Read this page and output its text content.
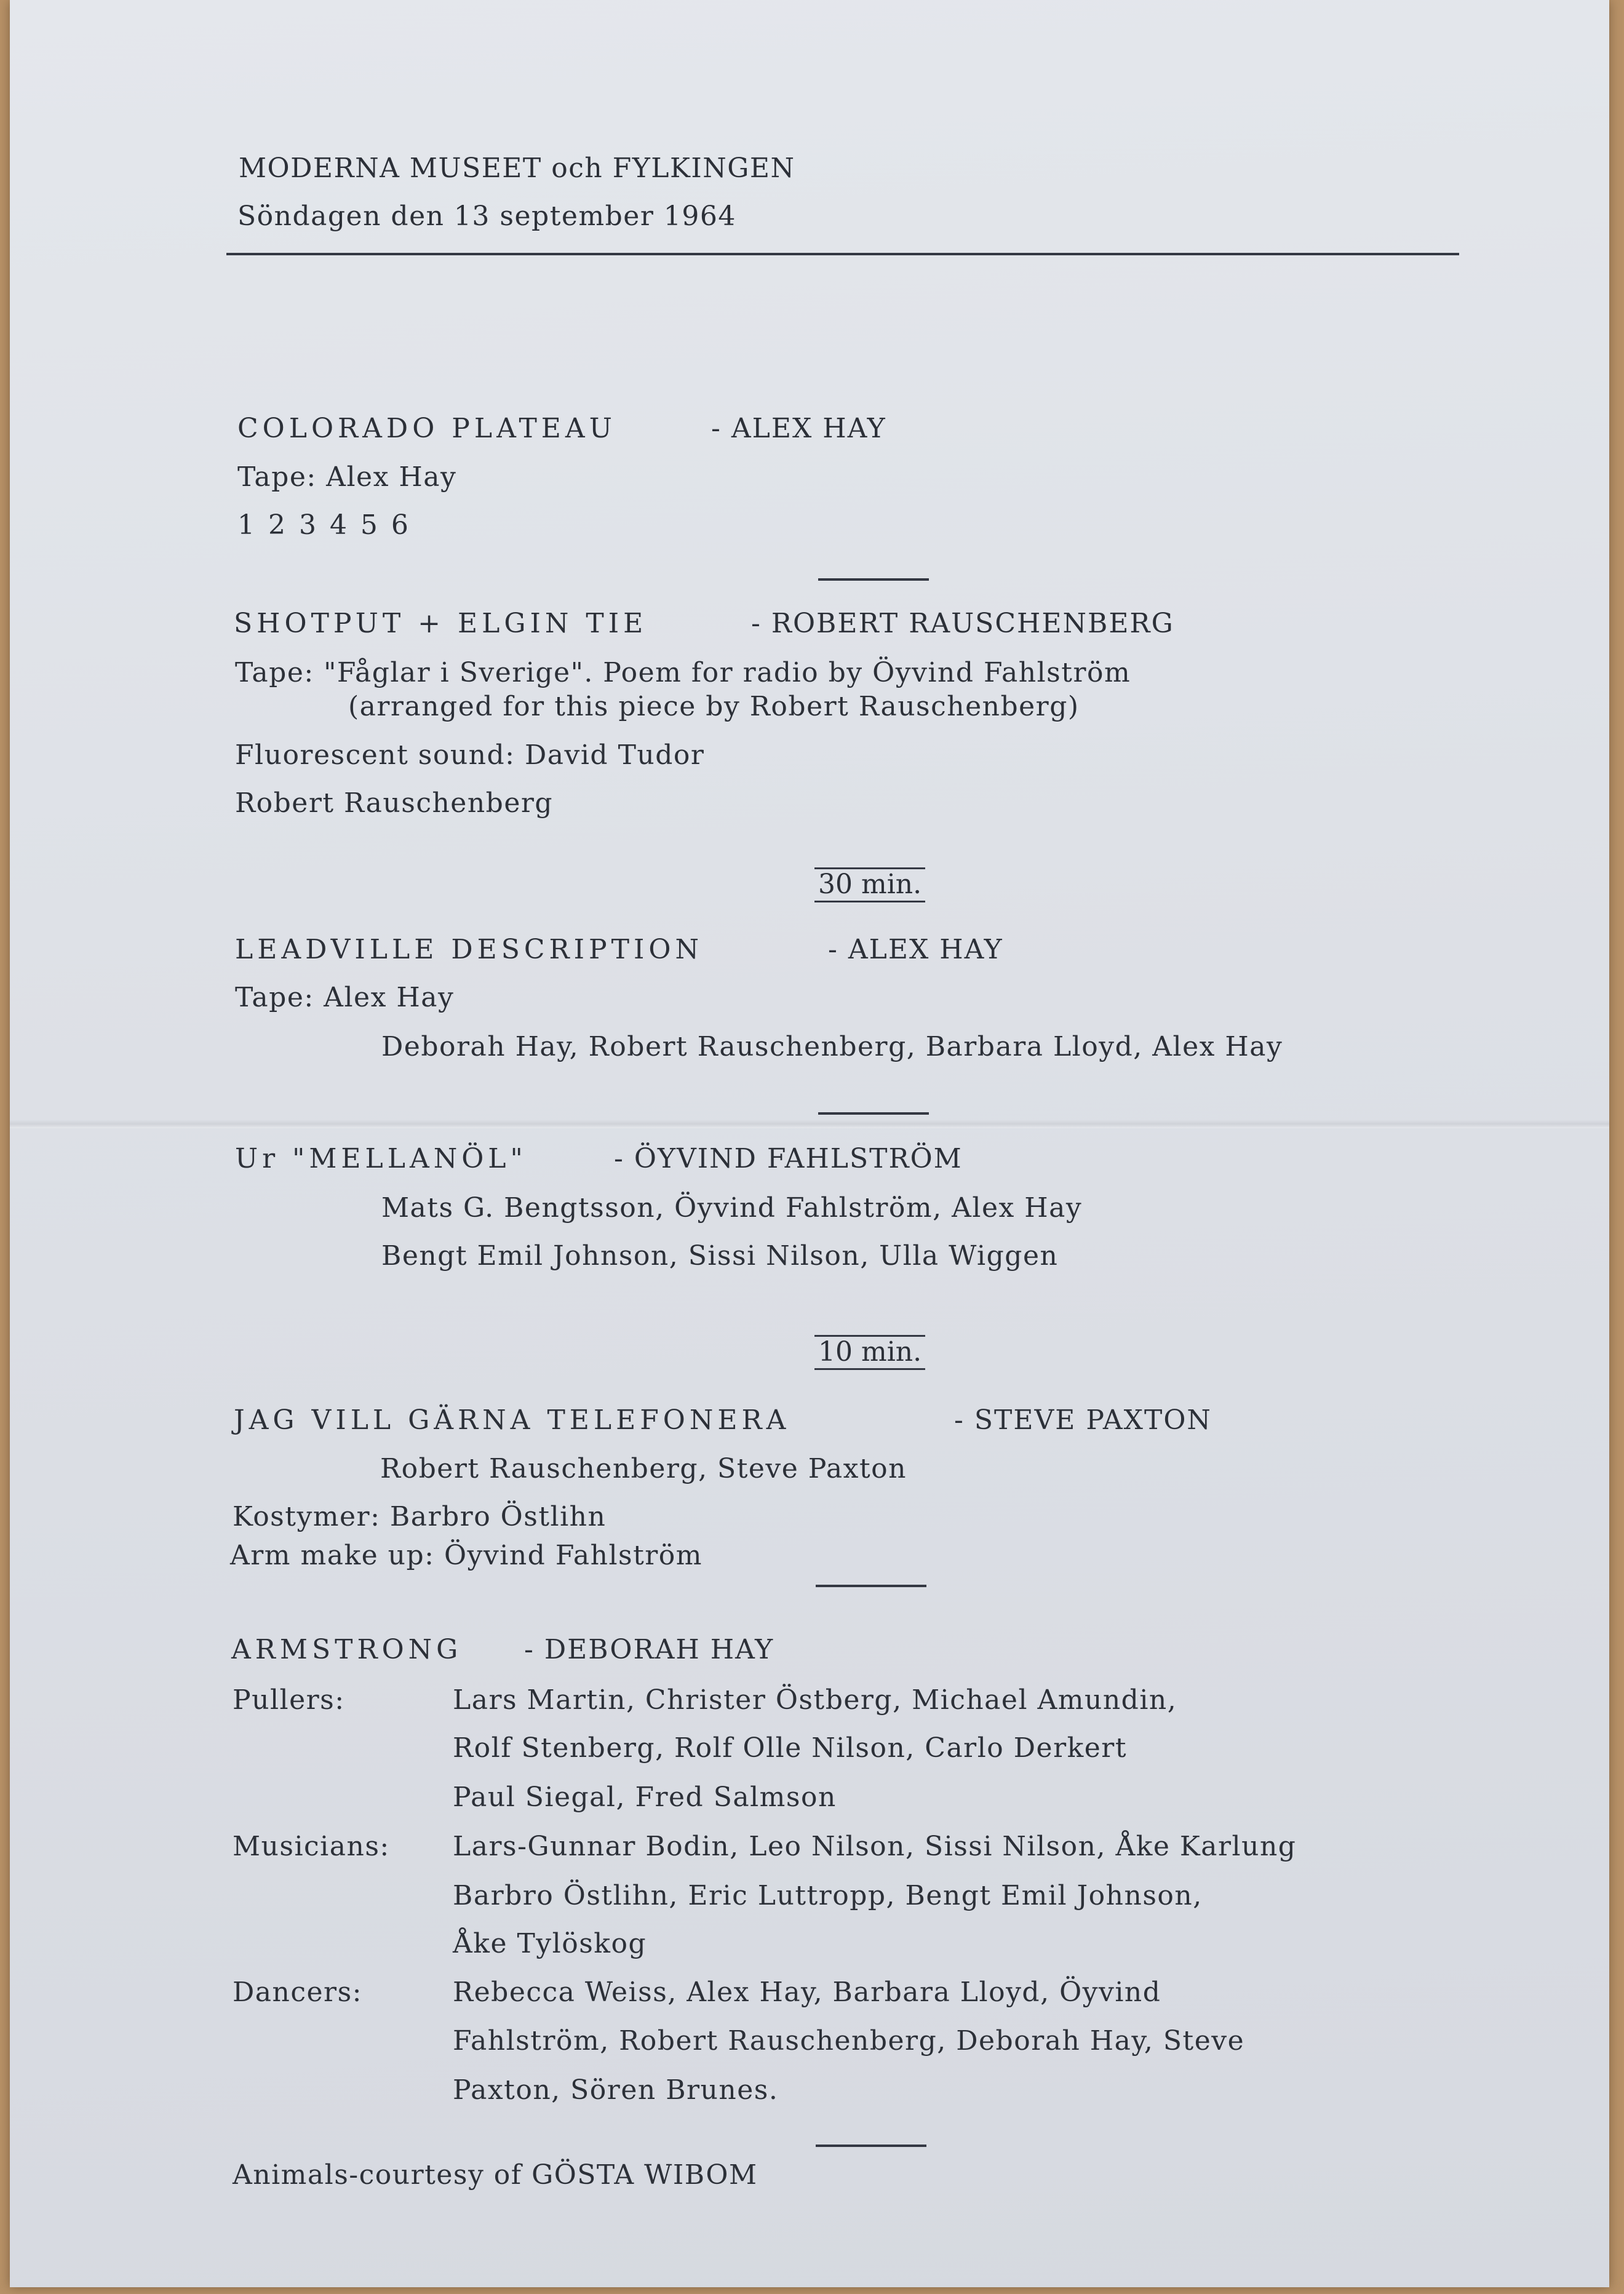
MODERNA MUSEET och FYLKINGEN
Söndagen den 13 september 1964
COLORADO PLATEAU	- ALEX HAY
Tape: Alex Hay
1 2 3 4 5 6
SHOTPUT + ELGIN TIE	- ROBERT RAUSCHENBERG
Tape: "Fåglar i Sverige". Poem for radio by Öyvind Fahlström
(arranged for this piece by Robert Rauschenberg)
Fluorescent sound: David Tudor
Robert Rauschenberg
30 min.
LEADVILLE DESCRIPTION	- ALEX HAY
Tape: Alex Hay
Deborah Hay, Robert Rauschenberg, Barbara Lloyd, Alex Hay
Ur "MELLANÖL"	- ÖYVIND FAHLSTRÖM
Mats G. Bengtsson, Öyvind Fahlström, Alex Hay
Bengt Emil Johnson, Sissi Nilson, Ulla Wiggen
10 min.
JAG VILL GÄRNA TELEFONERA	- STEVE PAXTON
Robert Rauschenberg, Steve Paxton
Kostymer: Barbro Östlihn
Arm make up: Öyvind Fahlström
ARMSTRONG - DEBORAH HAY
Pullers:	Lars Martin, Christer Östberg, Michael Amundin,
Rolf Stenberg, Rolf Olle Nilson, Carlo Derkert
Paul Siegal, Fred Salmson
Musicians: Lars-Gunnar Bodin, Leo Nilson, Sissi Nilson, Åke Karlung
Barbro Östlihn, Eric Luttropp, Bengt Emil Johnson,
Åke Tylöskog
Dancers:	Rebecca Weiss, Alex Hay, Barbara Lloyd, Öyvind
Fahlström, Robert Rauschenberg, Deborah Hay, Steve
Paxton, Sören Brunes.
Animals-courtesy of GÖSTA WIBOM
